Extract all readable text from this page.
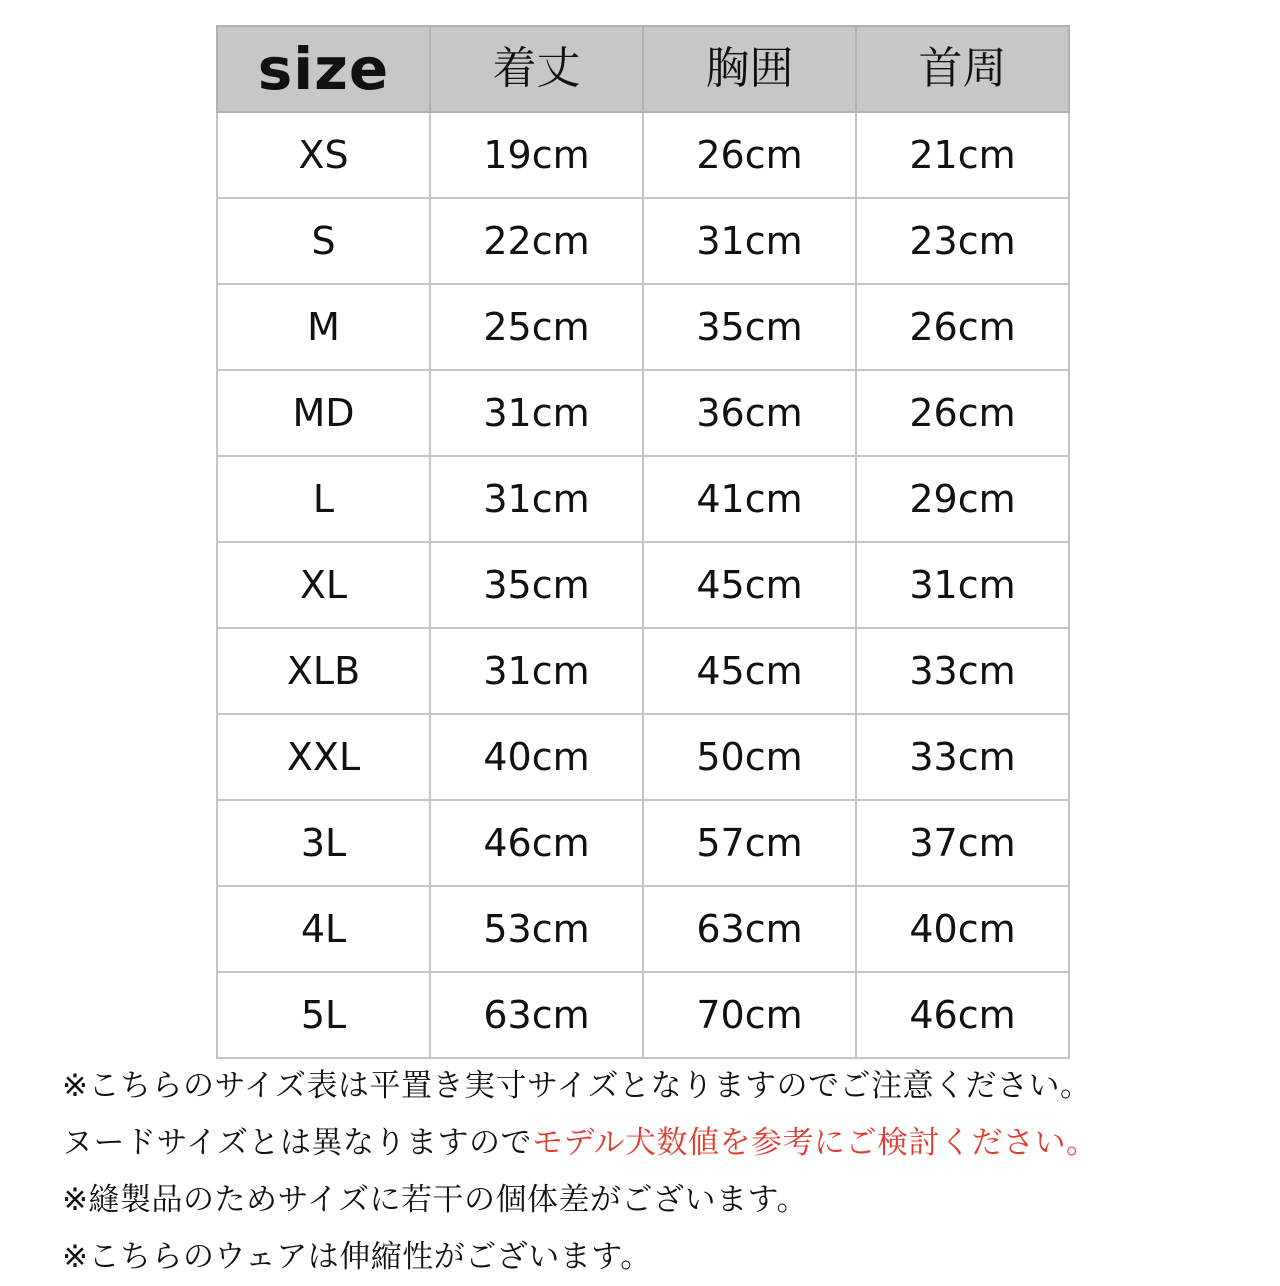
size	着丈	胸囲	首周
XS	19cm	26cm	21cm
S	22cm	31cm	23cm
M	25cm	35cm	26cm
MD	31cm	36cm	26cm
L	31cm	41cm	29cm
XL	35cm	45cm	31cm
XLB	31cm	45cm	33cm
XXL	40cm	50cm	33cm
3L	46cm	57cm	37cm
4L	53cm	63cm	40cm
5L	63cm	70cm	46cm
※こちらのサイズ表は平置き実寸サイズとなりますのでご注意ください。
ヌードサイズとは異なりますのでモデル犬数値を参考にご検討ください。
※縫製品のためサイズに若干の個体差がございます。
※こちらのウェアは伸縮性がございます。
